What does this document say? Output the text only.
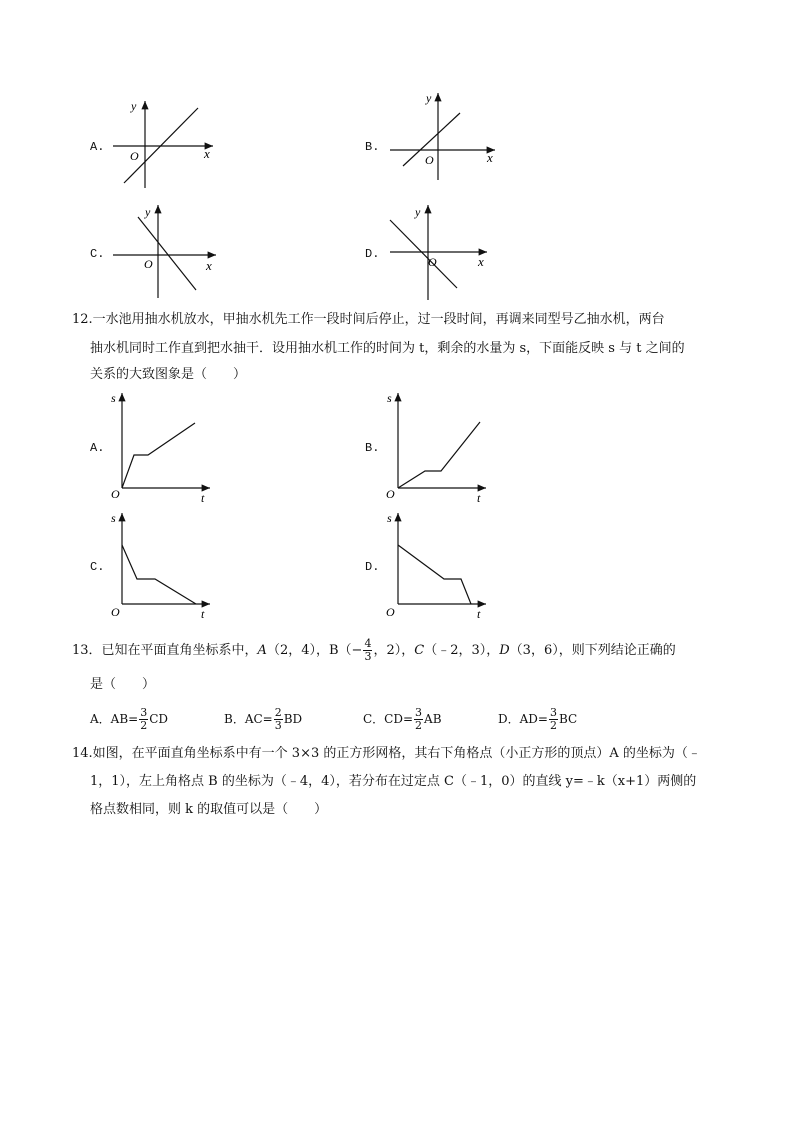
A.
y
x
O
B.
y
x
O
C.
y
x
O
D.
y
x
O
12.一水池用抽水机放水，甲抽水机先工作一段时间后停止，过一段时间，再调来同型号乙抽水机，两台
抽水机同时工作直到把水抽干．设用抽水机工作的时间为 t，剩余的水量为 s，下面能反映 s 与 t 之间的
关系的大致图象是（　　）
A.
s
t
O
B.
s
t
O
C.
s
t
O
D.
s
t
O
13．已知在平面直角坐标系中，A（2，4），$B(- \frac{4}{3}$ ，2），C（﹣2，3），D（3，6），则下列结论正确的
是（　　）
A．$AB= \frac{3}{2}$ CD	B．$AC= \frac{2}{3}$ BD	C．$CD= \frac{3}{2}$ AB	D．$AD= \frac{3}{2}$ BC
14.如图，在平面直角坐标系中有一个 3×3 的正方形网格，其右下角格点（小正方形的顶点）A 的坐标为（﹣
1，1），左上角格点 B 的坐标为（﹣4，4），若分布在过定点 C（﹣1，0）的直线 y=﹣k（x+1）两侧的
格点数相同，则 k 的取值可以是（　　）
